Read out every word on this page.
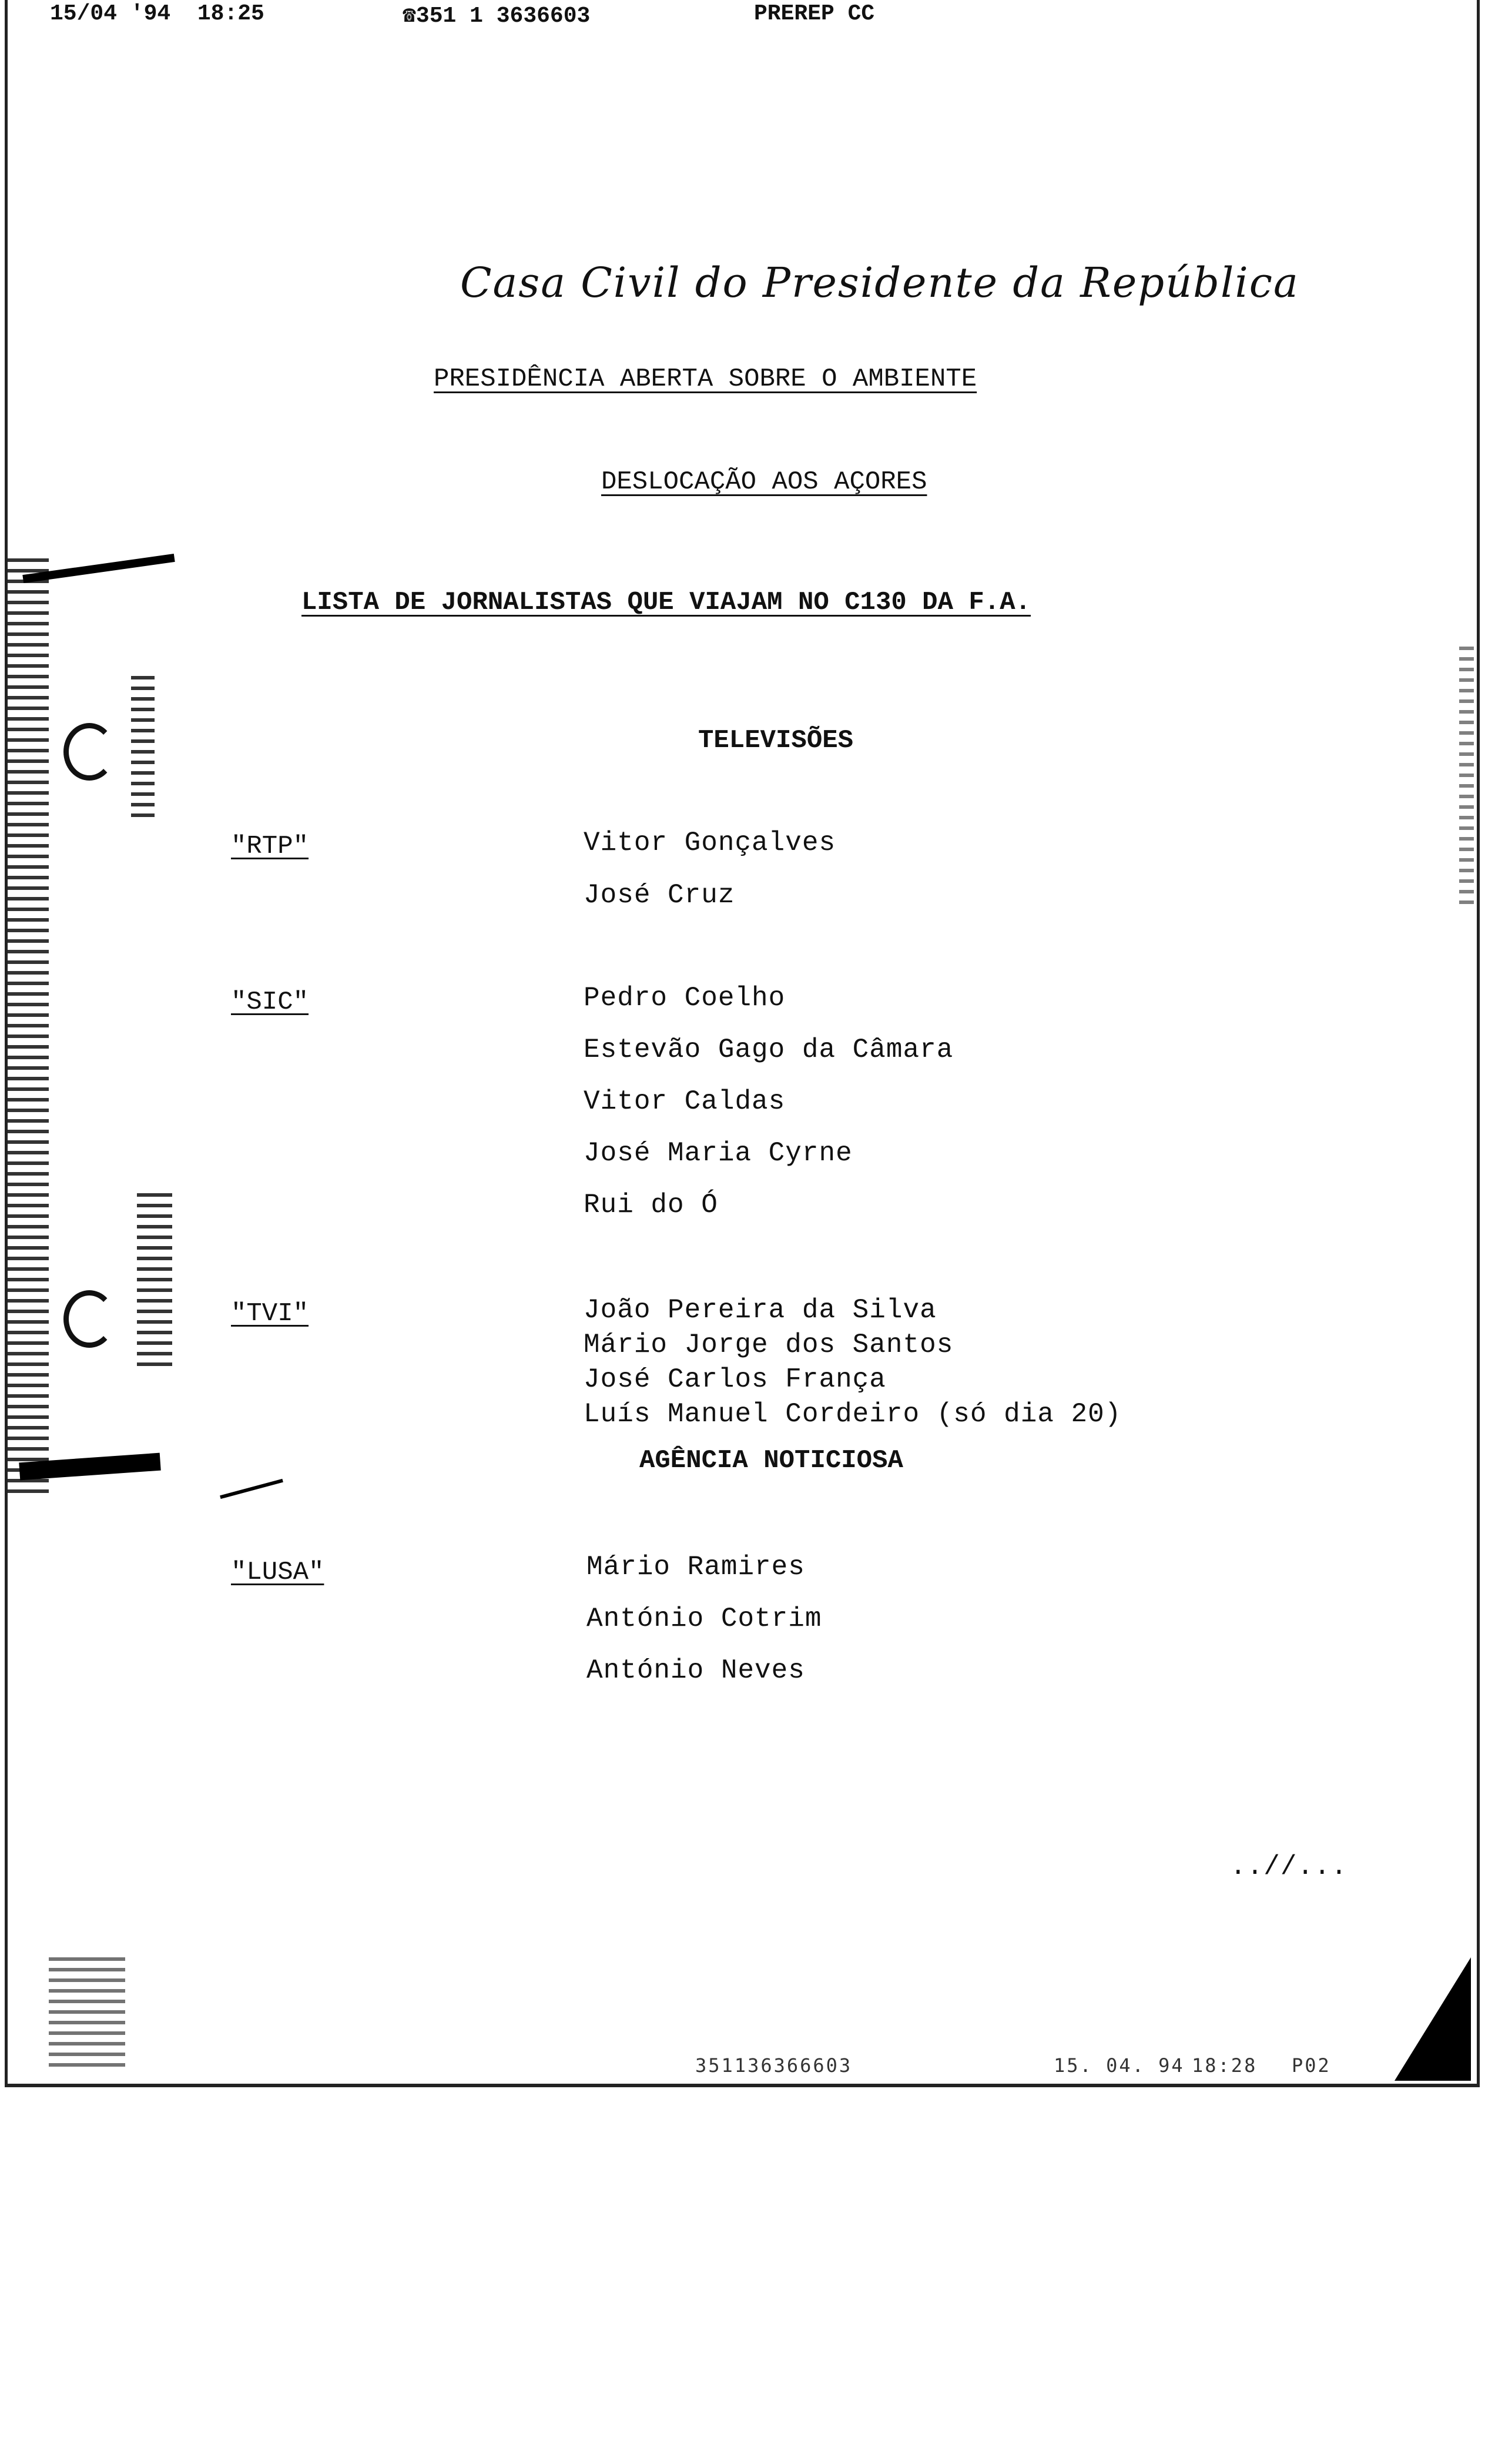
15/04 '94  18:25	☎351 1 3636603	PREREP CC
Casa Civil do Presidente da República
PRESIDÊNCIA ABERTA SOBRE O AMBIENTE
DESLOCAÇÃO AOS AÇORES
LISTA DE JORNALISTAS QUE VIAJAM NO C130 DA F.A.
TELEVISÕES
"RTP"	Vitor Gonçalves
José Cruz
"SIC"	Pedro Coelho
Estevão Gago da Câmara
Vitor Caldas
José Maria Cyrne
Rui do Ó
"TVI"	João Pereira da Silva
Mário Jorge dos Santos
José Carlos França
Luís Manuel Cordeiro (só dia 20)
AGÊNCIA NOTICIOSA
"LUSA"	Mário Ramires
António Cotrim
António Neves
..//...
351136366603	15. 04. 94 18:28 P02
